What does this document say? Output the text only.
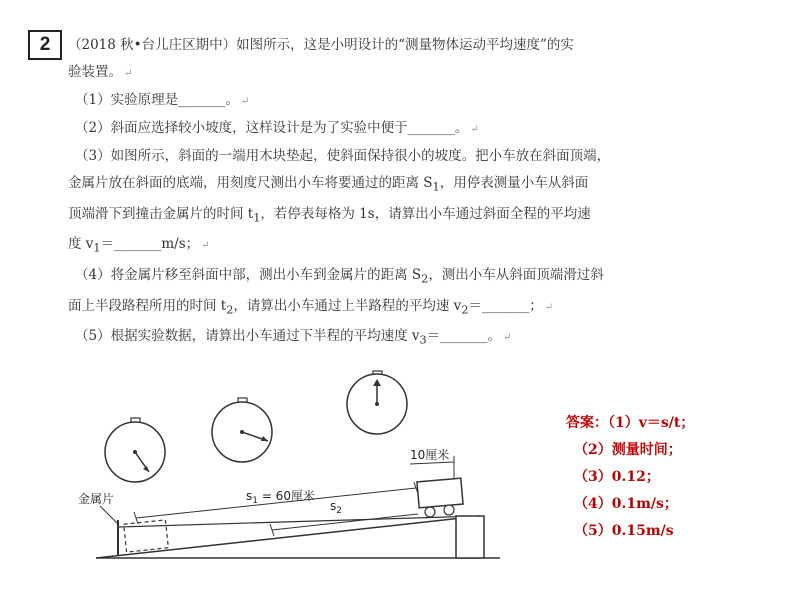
2	（2018 秋•台儿庄区期中）如图所示，这是小明设计的“测量物体运动平均速度”的实

验装置。 ↵

（1）实验原理是_______。 ↵

（2）斜面应选择较小坡度，这样设计是为了实验中便于_______。 ↵

（3）如图所示，斜面的一端用木块垫起，使斜面保持很小的坡度。把小车放在斜面顶端，

金属片放在斜面的底端，用刻度尺测出小车将要通过的距离 $S_1$，用停表测量小车从斜面

顶端滑下到撞击金属片的时间 $t_1$，若停表每格为 1s，请算出小车通过斜面全程的平均速

度 $v_1=\_\_\_\_\_\_\_m/s$； ↵

（4）将金属片移至斜面中部，测出小车到金属片的距离 $S_2$，测出小车从斜面顶端滑过斜

面上半段路程所用的时间 $t_2$，请算出小车通过上半路程的平均速 $v_2=\_\_\_\_\_\_\_$； ↵

（5）根据实验数据，请算出小车通过下半程的平均速度 $v_3=\_\_\_\_\_\_\_$。 ↵

金属片	$s_1 = 60$厘米
$s_2$
10厘米
答案：（1）v＝s/t；
（2）测量时间；
（3）0.12；
（4）0.1m/s；
（5）0.15m/s
